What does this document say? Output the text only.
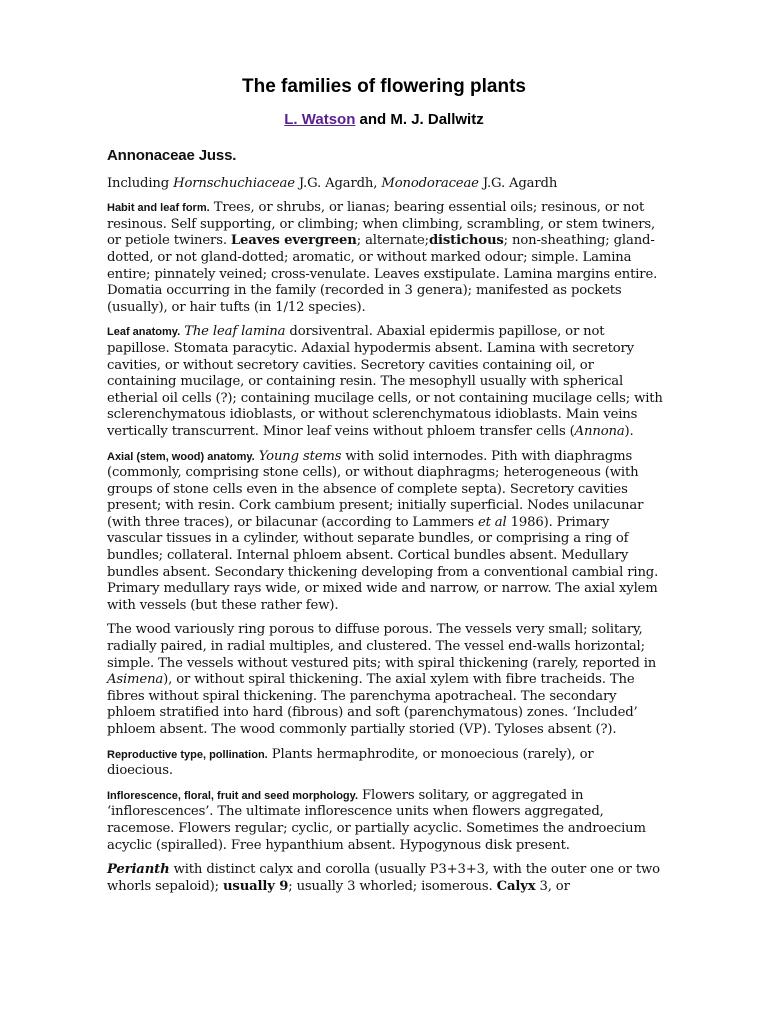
The families of flowering plants
L. Watson and M. J. Dallwitz
Annonaceae Juss.

Including Hornschuchiaceae J.G. Agardh, Monodoraceae J.G. Agardh

Habit and leaf form. Trees, or shrubs, or lianas; bearing essential oils; resinous, or not resinous. Self supporting, or climbing; when climbing, scrambling, or stem twiners, or petiole twiners. Leaves evergreen; alternate;distichous; non-sheathing; gland-dotted, or not gland-dotted; aromatic, or without marked odour; simple. Lamina entire; pinnately veined; cross-venulate. Leaves exstipulate. Lamina margins entire. Domatia occurring in the family (recorded in 3 genera); manifested as pockets (usually), or hair tufts (in 1/12 species).

Leaf anatomy. The leaf lamina dorsiventral. Abaxial epidermis papillose, or not papillose. Stomata paracytic. Adaxial hypodermis absent. Lamina with secretory cavities, or without secretory cavities. Secretory cavities containing oil, or containing mucilage, or containing resin. The mesophyll usually with spherical etherial oil cells (?); containing mucilage cells, or not containing mucilage cells; with sclerenchymatous idioblasts, or without sclerenchymatous idioblasts. Main veins vertically transcurrent. Minor leaf veins without phloem transfer cells (Annona).

Axial (stem, wood) anatomy. Young stems with solid internodes. Pith with diaphragms (commonly, comprising stone cells), or without diaphragms; heterogeneous (with groups of stone cells even in the absence of complete septa). Secretory cavities present; with resin. Cork cambium present; initially superficial. Nodes unilacunar (with three traces), or bilacunar (according to Lammers et al 1986). Primary vascular tissues in a cylinder, without separate bundles, or comprising a ring of bundles; collateral. Internal phloem absent. Cortical bundles absent. Medullary bundles absent. Secondary thickening developing from a conventional cambial ring. Primary medullary rays wide, or mixed wide and narrow, or narrow. The axial xylem with vessels (but these rather few).

The wood variously ring porous to diffuse porous. The vessels very small; solitary, radially paired, in radial multiples, and clustered. The vessel end-walls horizontal; simple. The vessels without vestured pits; with spiral thickening (rarely, reported in Asimena), or without spiral thickening. The axial xylem with fibre tracheids. The fibres without spiral thickening. The parenchyma apotracheal. The secondary phloem stratified into hard (fibrous) and soft (parenchymatous) zones. ‘Included’ phloem absent. The wood commonly partially storied (VP). Tyloses absent (?).

Reproductive type, pollination. Plants hermaphrodite, or monoecious (rarely), or dioecious.

Inflorescence, floral, fruit and seed morphology. Flowers solitary, or aggregated in ‘inflorescences’. The ultimate inflorescence units when flowers aggregated, racemose. Flowers regular; cyclic, or partially acyclic. Sometimes the androecium acyclic (spiralled). Free hypanthium absent. Hypogynous disk present.

Perianth with distinct calyx and corolla (usually P3+3+3, with the outer one or two whorls sepaloid); usually 9; usually 3 whorled; isomerous. Calyx 3, or
